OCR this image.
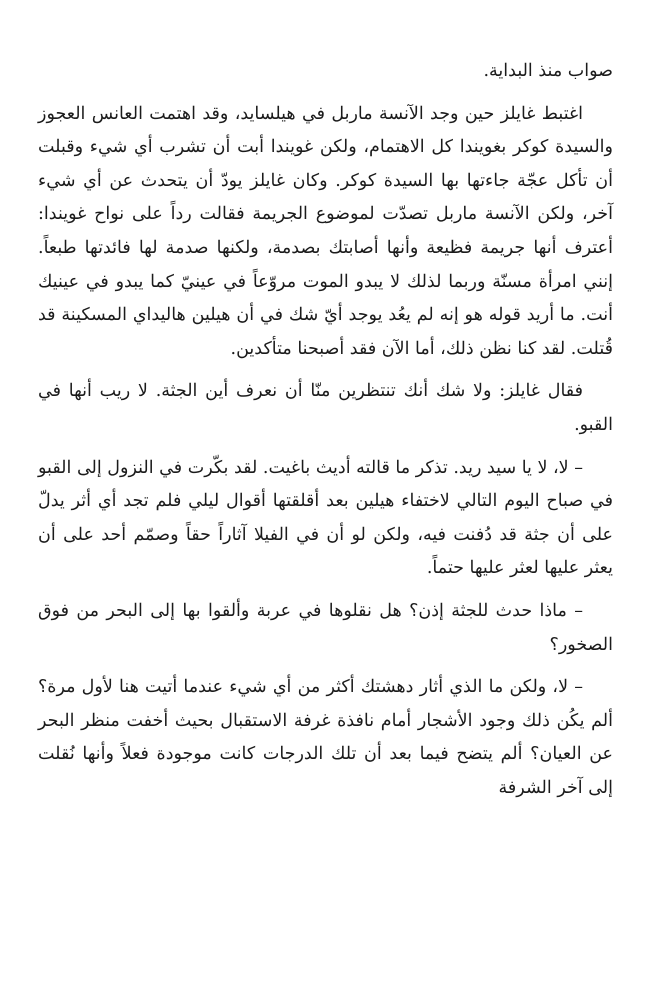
صواب منذ البداية.

اغتبط غايلز حين وجد الآنسة ماربل في هيلسايد، وقد اهتمت العانس العجوز والسيدة كوكر بغويندا كل الاهتمام، ولكن غويندا أبت أن تشرب أي شيء وقبلت أن تأكل عجّة جاءتها بها السيدة كوكر. وكان غايلز يودّ أن يتحدث عن أي شيء آخر، ولكن الآنسة ماربل تصدّت لموضوع الجريمة فقالت رداً على نواح غويندا: أعترف أنها جريمة فظيعة وأنها أصابتك بصدمة، ولكنها صدمة لها فائدتها طبعاً. إنني امرأة مسنّة وربما لذلك لا يبدو الموت مروّعاً في عينيّ كما يبدو في عينيك أنت. ما أريد قوله هو إنه لم يعُد يوجد أيّ شك في أن هيلين هاليداي المسكينة قد قُتلت. لقد كنا نظن ذلك، أما الآن فقد أصبحنا متأكدين.

فقال غايلز: ولا شك أنك تنتظرين منّا أن نعرف أين الجثة. لا ريب أنها في القبو.

– لا، لا يا سيد ريد. تذكر ما قالته أديث باغيت. لقد بكّرت في النزول إلى القبو في صباح اليوم التالي لاختفاء هيلين بعد أقلقتها أقوال ليلي فلم تجد أي أثر يدلّ على أن جثة قد دُفنت فيه، ولكن لو أن في الفيلا آثاراً حقاً وصمّم أحد على أن يعثر عليها لعثر عليها حتماً.

– ماذا حدث للجثة إذن؟ هل نقلوها في عربة وألقوا بها إلى البحر من فوق الصخور؟

– لا، ولكن ما الذي أثار دهشتك أكثر من أي شيء عندما أتيت هنا لأول مرة؟ ألم يكُن ذلك وجود الأشجار أمام نافذة غرفة الاستقبال بحيث أخفت منظر البحر عن العيان؟ ألم يتضح فيما بعد أن تلك الدرجات كانت موجودة فعلاً وأنها نُقلت إلى آخر الشرفة
